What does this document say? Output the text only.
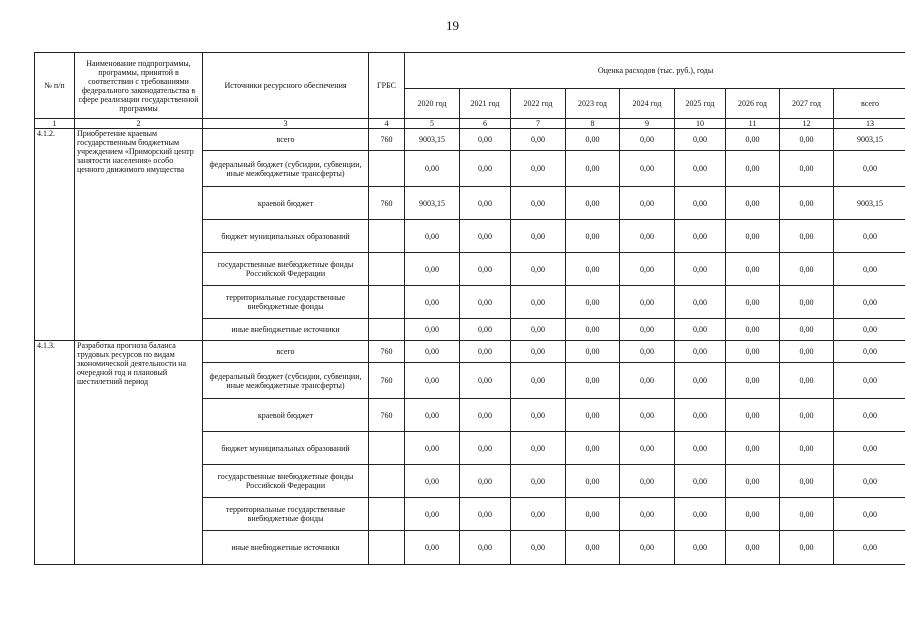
19
№ п/п	Наименование подпрограммы, программы, принятой в соответствии с требованиями федерального законодательства в сфере реализации государственной программы	Источники ресурсного обеспечения	ГРБС	Оценка расходов (тыс. руб.), годы								
				2020 год	2021 год	2022 год	2023 год	2024 год	2025 год	2026 год	2027 год	всего
1	2	3	4	5	6	7	8	9	10	11	12	13
4.1.2.	Приобретение краевым государственным бюджетным учреждением «Приморский центр занятости населения» особо ценного движимого имущества	всего	760	9003,15	0,00	0,00	0,00	0,00	0,00	0,00	0,00	9003,15
		федеральный бюджет (субсидии, субвенции, иные межбюджетные трансферты)		0,00	0,00	0,00	0,00	0,00	0,00	0,00	0,00	0,00
		краевой бюджет	760	9003,15	0,00	0,00	0,00	0,00	0,00	0,00	0,00	9003,15
		бюджет муниципальных образований		0,00	0,00	0,00	0,00	0,00	0,00	0,00	0,00	0,00
		государственные внебюджетные фонды Российской Федерации		0,00	0,00	0,00	0,00	0,00	0,00	0,00	0,00	0,00
		территориальные государственные внебюджетные фонды		0,00	0,00	0,00	0,00	0,00	0,00	0,00	0,00	0,00
		иные внебюджетные источники		0,00	0,00	0,00	0,00	0,00	0,00	0,00	0,00	0,00
4.1.3.	Разработка прогноза баланса трудовых ресурсов по видам экономической деятельности на очередной год и плановый шестилетний период	всего	760	0,00	0,00	0,00	0,00	0,00	0,00	0,00	0,00	0,00
		федеральный бюджет (субсидии, субвенции, иные межбюджетные трансферты)	760	0,00	0,00	0,00	0,00	0,00	0,00	0,00	0,00	0,00
		краевой бюджет	760	0,00	0,00	0,00	0,00	0,00	0,00	0,00	0,00	0,00
		бюджет муниципальных образований		0,00	0,00	0,00	0,00	0,00	0,00	0,00	0,00	0,00
		государственные внебюджетные фонды Российской Федерации		0,00	0,00	0,00	0,00	0,00	0,00	0,00	0,00	0,00
		территориальные государственные внебюджетные фонды		0,00	0,00	0,00	0,00	0,00	0,00	0,00	0,00	0,00
		иные внебюджетные источники		0,00	0,00	0,00	0,00	0,00	0,00	0,00	0,00	0,00
